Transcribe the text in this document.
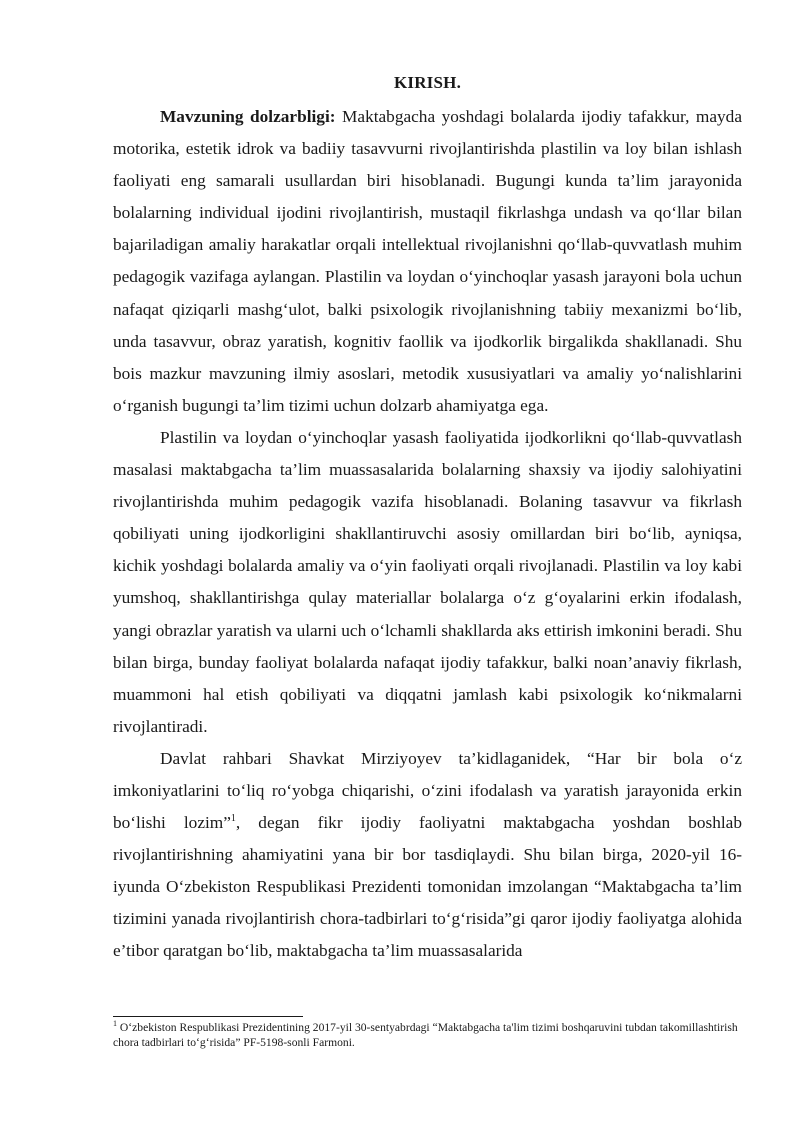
KIRISH.

Mavzuning dolzarbligi: Maktabgacha yoshdagi bolalarda ijodiy tafakkur, mayda motorika, estetik idrok va badiiy tasavvurni rivojlantirishda plastilin va loy bilan ishlash faoliyati eng samarali usullardan biri hisoblanadi. Bugungi kunda ta’lim jarayonida bolalarning individual ijodini rivojlantirish, mustaqil fikrlashga undash va qo‘llar bilan bajariladigan amaliy harakatlar orqali intellektual rivojlanishni qo‘llab-quvvatlash muhim pedagogik vazifaga aylangan. Plastilin va loydan o‘yinchoqlar yasash jarayoni bola uchun nafaqat qiziqarli mashg‘ulot, balki psixologik rivojlanishning tabiiy mexanizmi bo‘lib, unda tasavvur, obraz yaratish, kognitiv faollik va ijodkorlik birgalikda shakllanadi. Shu bois mazkur mavzuning ilmiy asoslari, metodik xususiyatlari va amaliy yo‘nalishlarini o‘rganish bugungi ta’lim tizimi uchun dolzarb ahamiyatga ega.

Plastilin va loydan o‘yinchoqlar yasash faoliyatida ijodkorlikni qo‘llab-quvvatlash masalasi maktabgacha ta’lim muassasalarida bolalarning shaxsiy va ijodiy salohiyatini rivojlantirishda muhim pedagogik vazifa hisoblanadi. Bolaning tasavvur va fikrlash qobiliyati uning ijodkorligini shakllantiruvchi asosiy omillardan biri bo‘lib, ayniqsa, kichik yoshdagi bolalarda amaliy va o‘yin faoliyati orqali rivojlanadi. Plastilin va loy kabi yumshoq, shakllantirishga qulay materiallar bolalarga o‘z g‘oyalarini erkin ifodalash, yangi obrazlar yaratish va ularni uch o‘lchamli shakllarda aks ettirish imkonini beradi. Shu bilan birga, bunday faoliyat bolalarda nafaqat ijodiy tafakkur, balki noan’anaviy fikrlash, muammoni hal etish qobiliyati va diqqatni jamlash kabi psixologik ko‘nikmalarni rivojlantiradi.

Davlat rahbari Shavkat Mirziyoyev ta’kidlaganidek, “Har bir bola o‘z imkoniyatlarini to‘liq ro‘yobga chiqarishi, o‘zini ifodalash va yaratish jarayonida erkin bo‘lishi lozim”$^1$, degan fikr ijodiy faoliyatni maktabgacha yoshdan boshlab rivojlantirishning ahamiyatini yana bir bor tasdiqlaydi. Shu bilan birga, 2020-yil 16-iyunda O‘zbekiston Respublikasi Prezidenti tomonidan imzolangan “Maktabgacha ta’lim tizimini yanada rivojlantirish chora-tadbirlari to‘g‘risida”gi qaror ijodiy faoliyatga alohida e’tibor qaratgan bo‘lib, maktabgacha ta’lim muassasalarida

$^1$ O‘zbekiston Respublikasi Prezidentining 2017-yil 30-sentyabrdagi “Maktabgacha ta'lim tizimi boshqaruvini tubdan takomillashtirish chora tadbirlari to‘g‘risida” PF-5198-sonli Farmoni.
